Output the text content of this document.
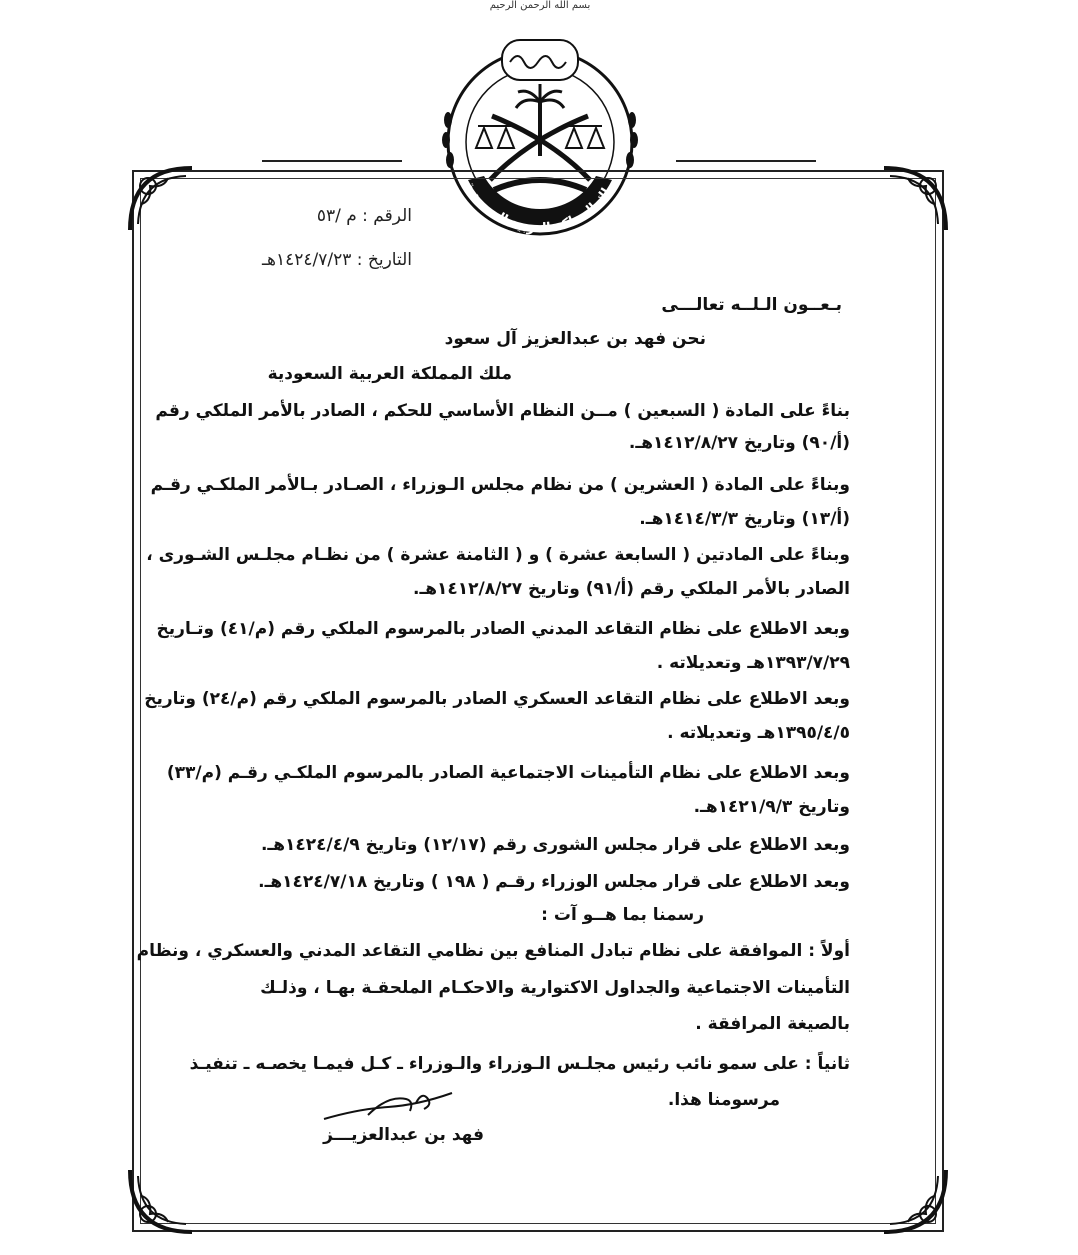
بسم الله الرحمن الرحيم
ملك المملكة العربية السعودية
الرقم : م /٥٣
التاريخ : ١٤٢٤/٧/٢٣هـ
بـعــون الـلــه تعالـــى
نحن فهد بن عبدالعزيز آل سعود
ملك المملكة العربية السعودية
بناءً على المادة ( السبعين ) مــن النظام الأساسي للحكم ، الصادر بالأمر الملكي رقم
(أ/٩٠) وتاريخ ١٤١٢/٨/٢٧هـ.
وبناءً على المادة ( العشرين ) من نظام مجلس الـوزراء ، الصـادر بـالأمر الملكـي رقـم
(أ/١٣) وتاريخ ١٤١٤/٣/٣هـ.
وبناءً على المادتين ( السابعة عشرة ) و ( الثامنة عشرة ) من نظـام مجلـس الشـورى ،
الصادر بالأمر الملكي رقم (أ/٩١) وتاريخ ١٤١٢/٨/٢٧هـ.
وبعد الاطلاع على نظام التقاعد المدني الصادر بالمرسوم الملكي رقم (م/٤١) وتـاريخ
١٣٩٣/٧/٢٩هـ وتعديلاته .
وبعد الاطلاع على نظام التقاعد العسكري الصادر بالمرسوم الملكي رقم (م/٢٤) وتاريخ
١٣٩٥/٤/٥هـ وتعديلاته .
وبعد الاطلاع على نظام التأمينات الاجتماعية الصادر بالمرسوم الملكـي رقـم (م/٣٣)
وتاريخ ١٤٢١/٩/٣هـ.
وبعد الاطلاع على قرار مجلس الشورى رقم (١٢/١٧) وتاريخ ١٤٢٤/٤/٩هـ.
وبعد الاطلاع على قرار مجلس الوزراء رقـم ( ١٩٨ ) وتاريخ ١٤٢٤/٧/١٨هـ.
رسمنا بما هــو آت :
أولاً : الموافقة على نظام تبادل المنافع بين نظامي التقاعد المدني والعسكري ، ونظام
التأمينات الاجتماعية والجداول الاكتوارية والاحكـام الملحقـة بهـا ، وذلـك
بالصيغة المرافقة .
ثانياً : على سمو نائب رئيس مجلـس الـوزراء والـوزراء ـ كـل فيمـا يخصـه ـ تنفيـذ
مرسومنا هذا.
فهد بن عبدالعزيـــز
